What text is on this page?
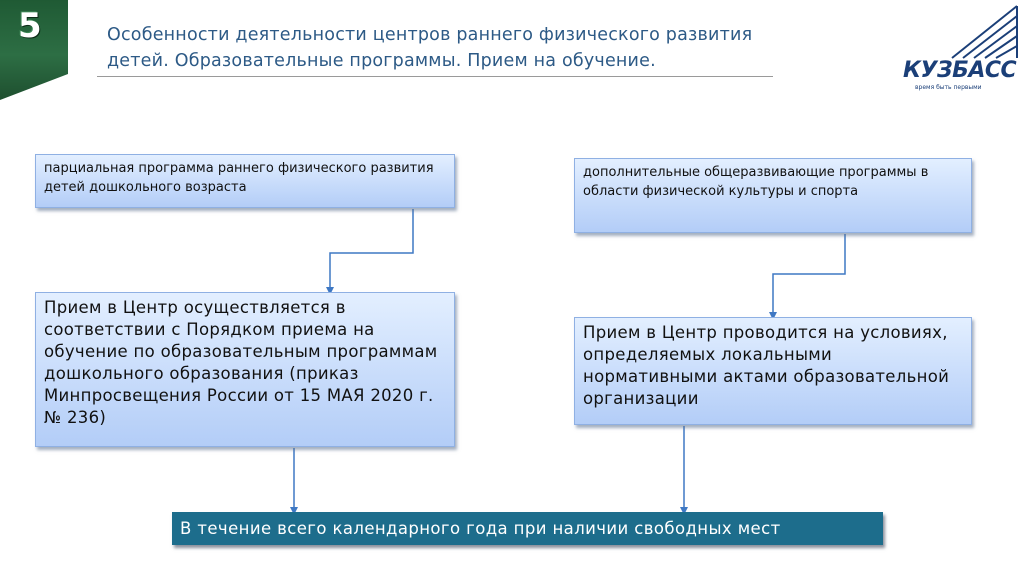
5	Особенности деятельности центров раннего физического развития
детей. Образовательные программы. Прием на обучение.	КУЗБАСС
время быть первыми
парциальная программа раннего физического развития детей дошкольного возраста
дополнительные общеразвивающие программы в области физической культуры и спорта
Прием в Центр осуществляется в соответствии с Порядком приема на обучение по образовательным программам дошкольного образования (приказ Минпросвещения России от 15 МАЯ 2020 г. № 236)
Прием в Центр проводится на условиях, определяемых локальными нормативными актами образовательной организации
В течение всего календарного года при наличии свободных мест
